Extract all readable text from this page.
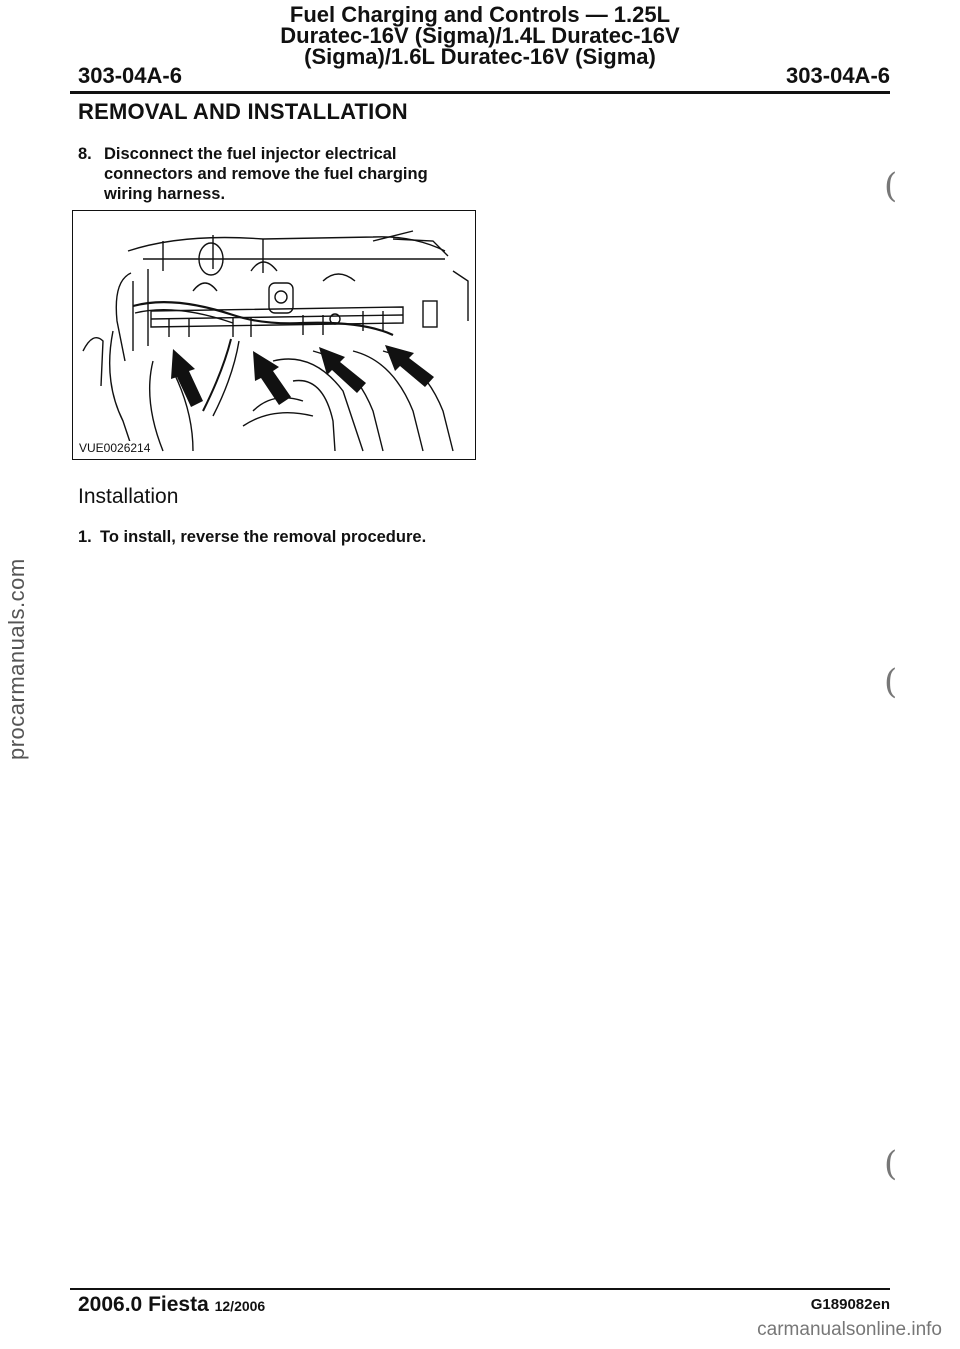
Fuel Charging and Controls — 1.25L
Duratec-16V (Sigma)/1.4L Duratec-16V
(Sigma)/1.6L Duratec-16V (Sigma)
303-04A-6	303-04A-6
REMOVAL AND INSTALLATION
8. Disconnect the fuel injector electrical
connectors and remove the fuel charging
wiring harness.
VUE0026214
Installation
1. To install, reverse the removal procedure.
(
(
(
2006.0 Fiesta 12/2006	G189082en
procarmanuals.com
carmanualsonline.info
